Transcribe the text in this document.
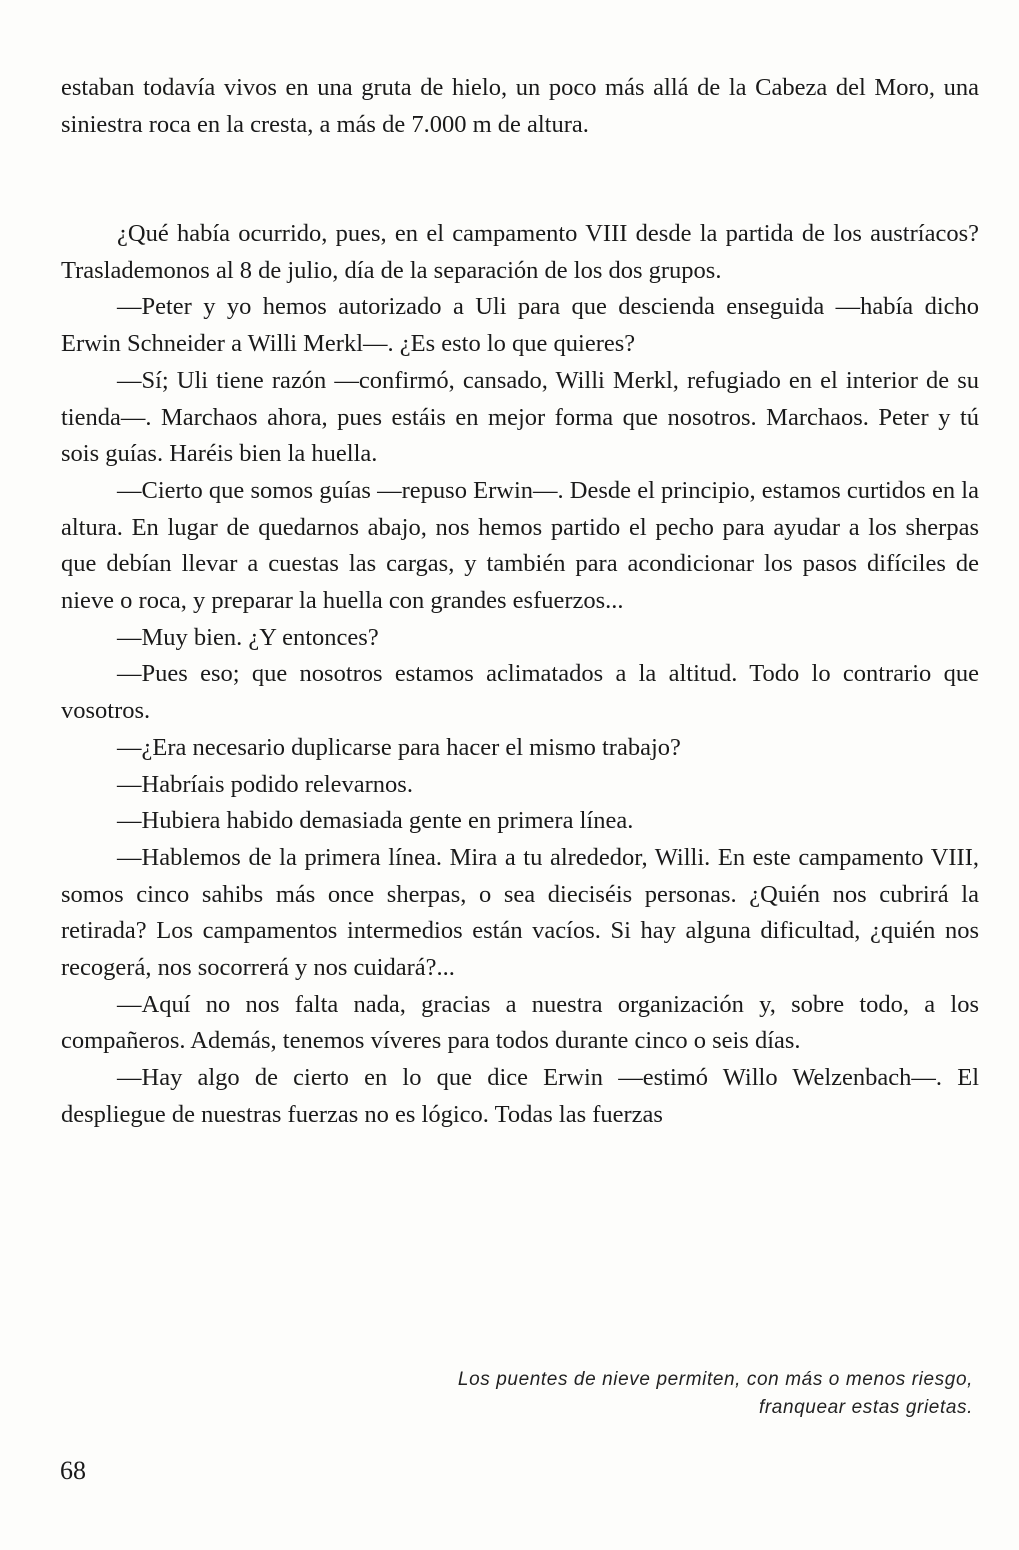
estaban todavía vivos en una gruta de hielo, un poco más allá de la Cabeza del Moro, una siniestra roca en la cresta, a más de 7.000 m de altura.

¿Qué había ocurrido, pues, en el campamento VIII desde la partida de los austríacos? Traslademonos al 8 de julio, día de la separación de los dos grupos.

—Peter y yo hemos autorizado a Uli para que descienda enseguida —había dicho Erwin Schneider a Willi Merkl—. ¿Es esto lo que quieres?

—Sí; Uli tiene razón —confirmó, cansado, Willi Merkl, refugiado en el interior de su tienda—. Marchaos ahora, pues estáis en mejor forma que nosotros. Marchaos. Peter y tú sois guías. Haréis bien la huella.

—Cierto que somos guías —repuso Erwin—. Desde el principio, estamos curtidos en la altura. En lugar de quedarnos abajo, nos hemos partido el pecho para ayudar a los sherpas que debían llevar a cuestas las cargas, y también para acondicionar los pasos difíciles de nieve o roca, y preparar la huella con grandes esfuerzos...

—Muy bien. ¿Y entonces?

—Pues eso; que nosotros estamos aclimatados a la altitud. Todo lo contrario que vosotros.

—¿Era necesario duplicarse para hacer el mismo trabajo?

—Habríais podido relevarnos.

—Hubiera habido demasiada gente en primera línea.

—Hablemos de la primera línea. Mira a tu alrededor, Willi. En este campamento VIII, somos cinco sahibs más once sherpas, o sea dieciséis personas. ¿Quién nos cubrirá la retirada? Los campamentos intermedios están vacíos. Si hay alguna dificultad, ¿quién nos recogerá, nos socorrerá y nos cuidará?...

—Aquí no nos falta nada, gracias a nuestra organización y, sobre todo, a los compañeros. Además, tenemos víveres para todos durante cinco o seis días.

—Hay algo de cierto en lo que dice Erwin —estimó Willo Welzenbach—. El despliegue de nuestras fuerzas no es lógico. Todas las fuerzas

Los puentes de nieve permiten, con más o menos riesgo,
franquear estas grietas.
68
